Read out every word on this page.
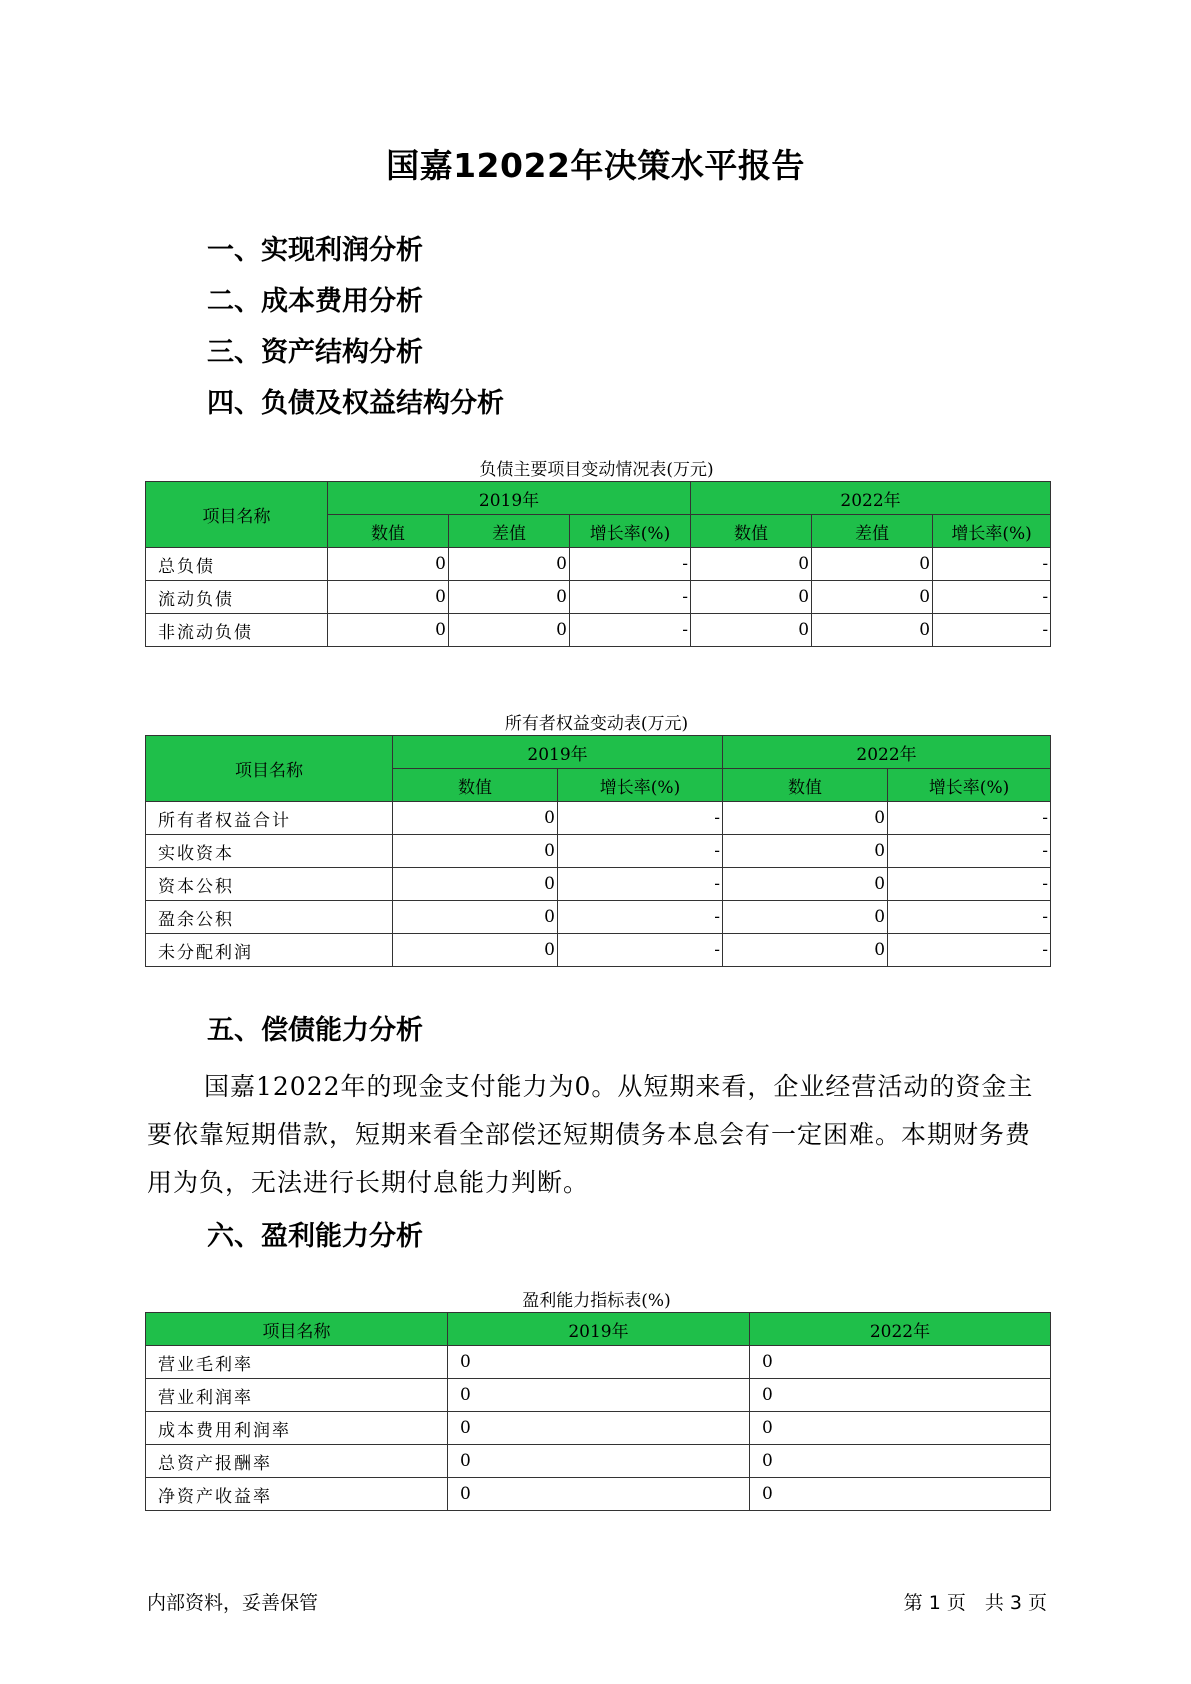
国嘉12022年决策水平报告
一、实现利润分析
二、成本费用分析
三、资产结构分析
四、负债及权益结构分析
负债主要项目变动情况表(万元)
项目名称	2019年			2022年		
	数值	差值	增长率(%)	数值	差值	增长率(%)
总负债	0	0	-	0	0	-
流动负债	0	0	-	0	0	-
非流动负债	0	0	-	0	0	-
所有者权益变动表(万元)
项目名称	2019年		2022年	
	数值	增长率(%)	数值	增长率(%)
所有者权益合计	0	-	0	-
实收资本	0	-	0	-
资本公积	0	-	0	-
盈余公积	0	-	0	-
未分配利润	0	-	0	-
五、偿债能力分析
国嘉12022年的现金支付能力为0。从短期来看，企业经营活动的资金主要依靠短期借款，短期来看全部偿还短期债务本息会有一定困难。本期财务费用为负，无法进行长期付息能力判断。
六、盈利能力分析
盈利能力指标表(%)
项目名称	2019年	2022年
营业毛利率	0	0
营业利润率	0	0
成本费用利润率	0	0
总资产报酬率	0	0
净资产收益率	0	0
内部资料，妥善保管	第 1 页　共 3 页
